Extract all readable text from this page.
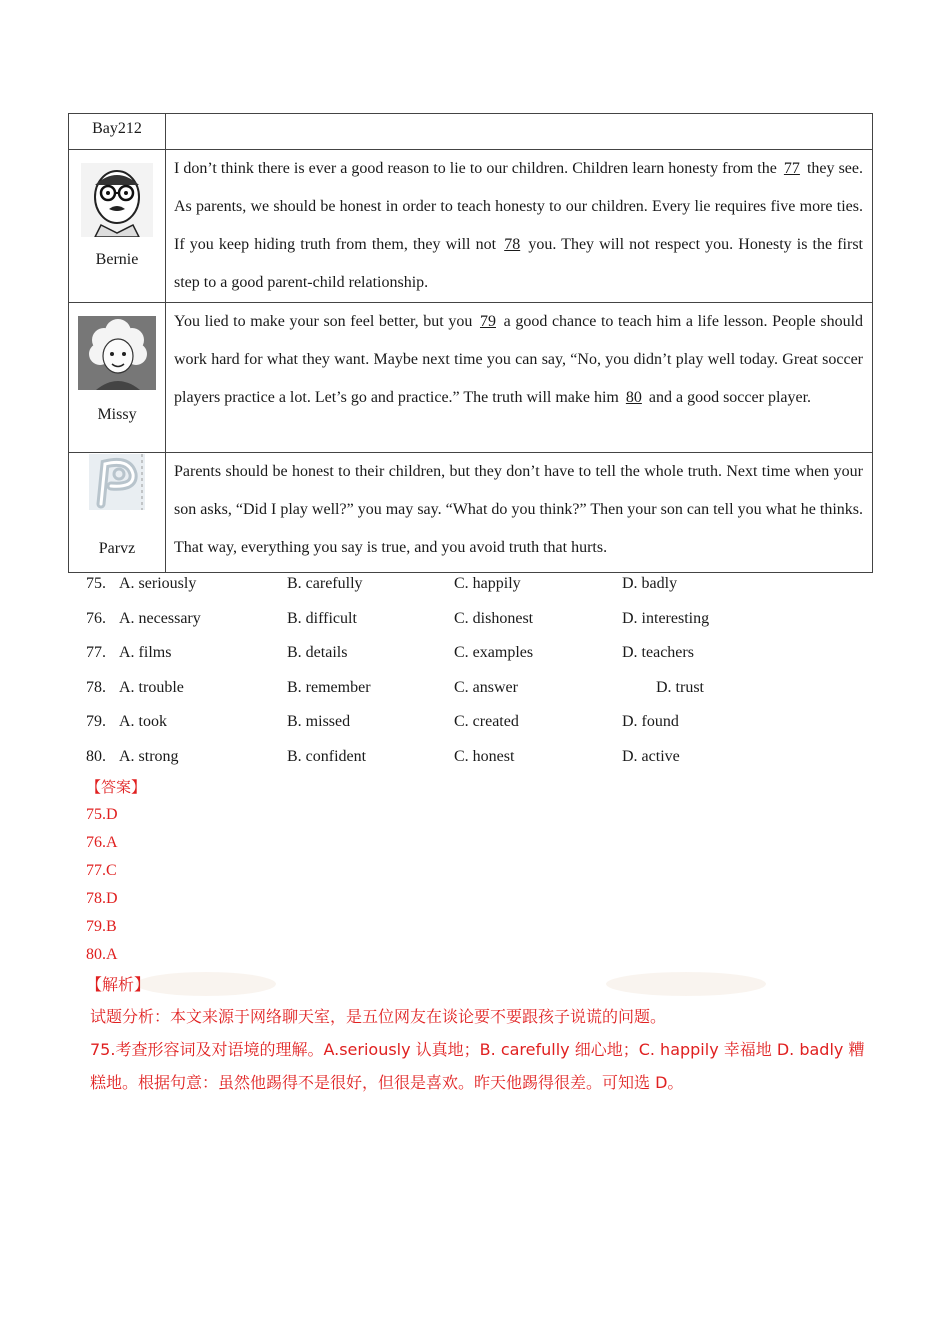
Bay212	

Bernie	I don’t think there is ever a good reason to lie to our children. Children learn honesty from the 77 they see. As parents, we should be honest in order to teach honesty to our children. Every lie requires five more ties. If you keep hiding truth from them, they will not 78 you. They will not respect you. Honesty is the first step to a good parent-child relationship.

Missy	You lied to make your son feel better, but you 79 a good chance to teach him a life lesson. People should work hard for what they want. Maybe next time you can say, “No, you didn’t play well today. Great soccer players practice a lot. Let’s go and practice.” The truth will make him 80 and a good soccer player.

Parvz	Parents should be honest to their children, but they don’t have to tell the whole truth. Next time when your son asks, “Did I play well?” you may say. “What do you think?” Then your son can tell you what he thinks. That way, everything you say is true, and you avoid truth that hurts.
75. A. seriously	B. carefully	C. happily	D. badly
76. A. necessary	B. difficult	C. dishonest	D. interesting
77. A. films	B. details	C. examples	D. teachers
78. A. trouble	B. remember	C. answer	D. trust
79. A. took	B. missed	C. created	D. found
80. A. strong	B. confident	C. honest	D. active
【答案】
75.D
76.A
77.C
78.D
79.B
80.A
【解析】
试题分析：本文来源于网络聊天室，是五位网友在谈论要不要跟孩子说谎的问题。
75.考查形容词及对语境的理解。A.seriously 认真地；B. carefully 细心地；C. happily 幸福地 D. badly 糟糕地。根据句意：虽然他踢得不是很好，但很是喜欢。昨天他踢得很差。可知选 D。
